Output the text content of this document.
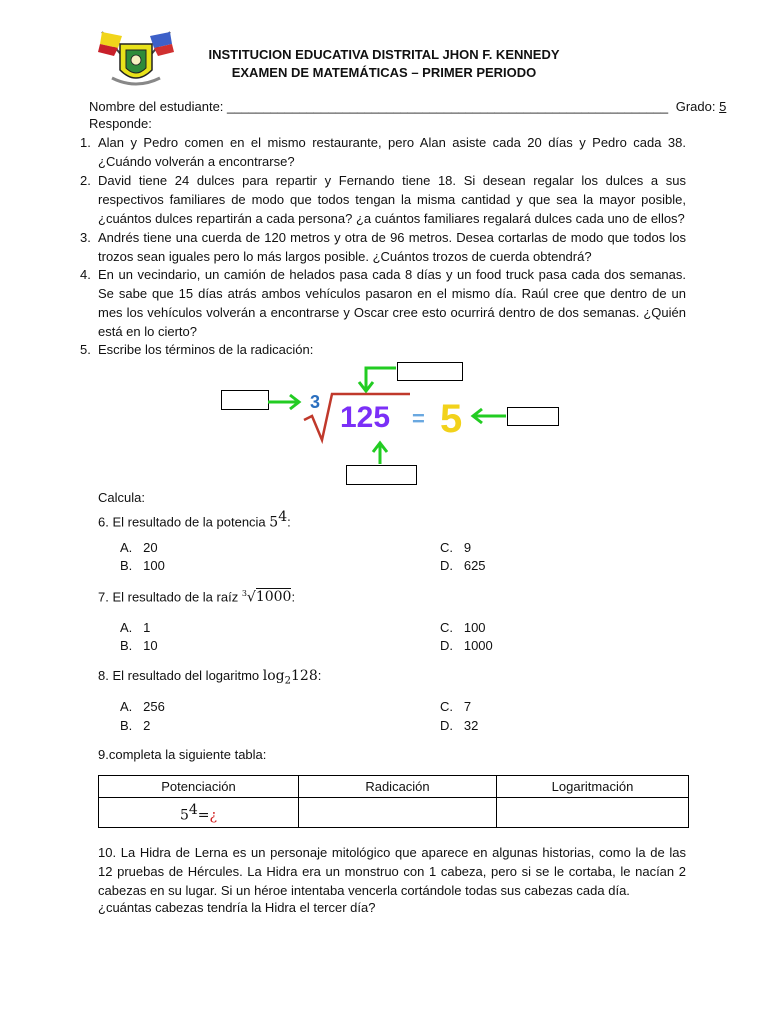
INSTITUCION EDUCATIVA DISTRITAL JHON F. KENNEDY
EXAMEN DE MATEMÁTICAS – PRIMER PERIODO
Nombre del estudiante: _____________________________________________________________ Grado: 5
Responde:
1. Alan y Pedro comen en el mismo restaurante, pero Alan asiste cada 20 días y Pedro cada 38. ¿Cuándo volverán a encontrarse?
2. David tiene 24 dulces para repartir y Fernando tiene 18. Si desean regalar los dulces a sus respectivos familiares de modo que todos tengan la misma cantidad y que sea la mayor posible, ¿cuántos dulces repartirán a cada persona? ¿a cuántos familiares regalará dulces cada uno de ellos?
3. Andrés tiene una cuerda de 120 metros y otra de 96 metros. Desea cortarlas de modo que todos los trozos sean iguales pero lo más largos posible. ¿Cuántos trozos de cuerda obtendrá?
4. En un vecindario, un camión de helados pasa cada 8 días y un food truck pasa cada dos semanas. Se sabe que 15 días atrás ambos vehículos pasaron en el mismo día. Raúl cree que dentro de un mes los vehículos volverán a encontrarse y Oscar cree esto ocurrirá dentro de dos semanas. ¿Quién está en lo cierto?
5. Escribe los términos de la radicación:
3 125 = 5
Calcula:
6. El resultado de la potencia $5^4$:
A. 20
B. 100
C. 9
D. 625
7. El resultado de la raíz $^3$√1000:
A. 1
B. 10
C. 100
D. 1000
8. El resultado del logaritmo $\log_2128$:
A. 256
B. 2
C. 7
D. 32
9.completa la siguiente tabla:
Potenciación	Radicación	Logaritmación
$5^4=¿$		
10. La Hidra de Lerna es un personaje mitológico que aparece en algunas historias, como la de las 12 pruebas de Hércules. La Hidra era un monstruo con 1 cabeza, pero si se le cortaba, le nacían 2 cabezas en su lugar. Si un héroe intentaba vencerla cortándole todas sus cabezas cada día.
¿cuántas cabezas tendría la Hidra el tercer día?
